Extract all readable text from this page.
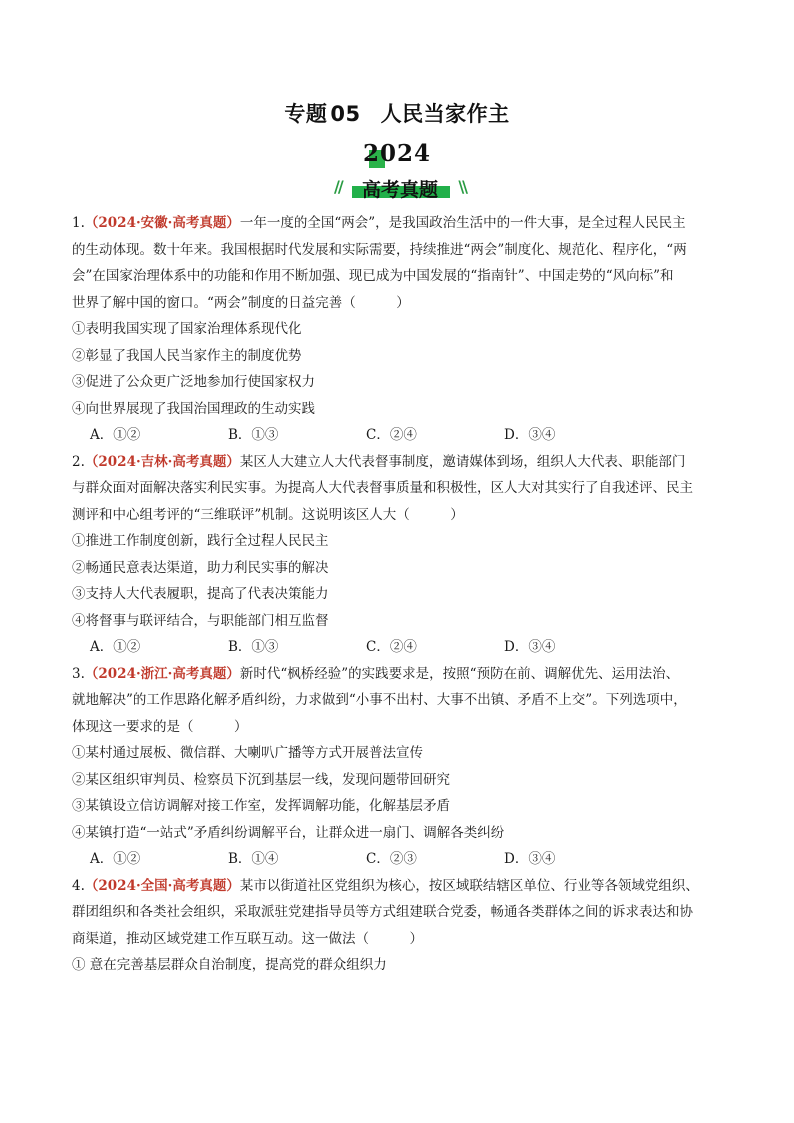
专题 05 人民当家作主
2024
//	\\
高考真题
1.（2024·安徽·高考真题）一年一度的全国“两会”，是我国政治生活中的一件大事，是全过程人民民主
的生动体现。数十年来。我国根据时代发展和实际需要，持续推进“两会”制度化、规范化、程序化，“两
会”在国家治理体系中的功能和作用不断加强、现已成为中国发展的“指南针”、中国走势的“风向标”和
世界了解中国的窗口。“两会”制度的日益完善（　　　）
①表明我国实现了国家治理体系现代化
②彰显了我国人民当家作主的制度优势
③促进了公众更广泛地参加行使国家权力
④向世界展现了我国治国理政的生动实践
A．①②	B．①③	C．②④	D．③④
2.（2024·吉林·高考真题）某区人大建立人大代表督事制度，邀请媒体到场，组织人大代表、职能部门
与群众面对面解决落实利民实事。为提高人大代表督事质量和积极性，区人大对其实行了自我述评、民主
测评和中心组考评的“三维联评”机制。这说明该区人大（　　　）
①推进工作制度创新，践行全过程人民民主
②畅通民意表达渠道，助力利民实事的解决
③支持人大代表履职，提高了代表决策能力
④将督事与联评结合，与职能部门相互监督
A．①②	B．①③	C．②④	D．③④
3.（2024·浙江·高考真题）新时代“枫桥经验”的实践要求是，按照“预防在前、调解优先、运用法治、
就地解决”的工作思路化解矛盾纠纷，力求做到“小事不出村、大事不出镇、矛盾不上交”。下列选项中，
体现这一要求的是（　　　）
①某村通过展板、微信群、大喇叭广播等方式开展普法宣传
②某区组织审判员、检察员下沉到基层一线，发现问题带回研究
③某镇设立信访调解对接工作室，发挥调解功能，化解基层矛盾
④某镇打造“一站式”矛盾纠纷调解平台，让群众进一扇门、调解各类纠纷
A．①②	B．①④	C．②③	D．③④
4.（2024·全国·高考真题）某市以街道社区党组织为核心，按区域联结辖区单位、行业等各领域党组织、
群团组织和各类社会组织，采取派驻党建指导员等方式组建联合党委，畅通各类群体之间的诉求表达和协
商渠道，推动区域党建工作互联互动。这一做法（　　　）
① 意在完善基层群众自治制度，提高党的群众组织力
